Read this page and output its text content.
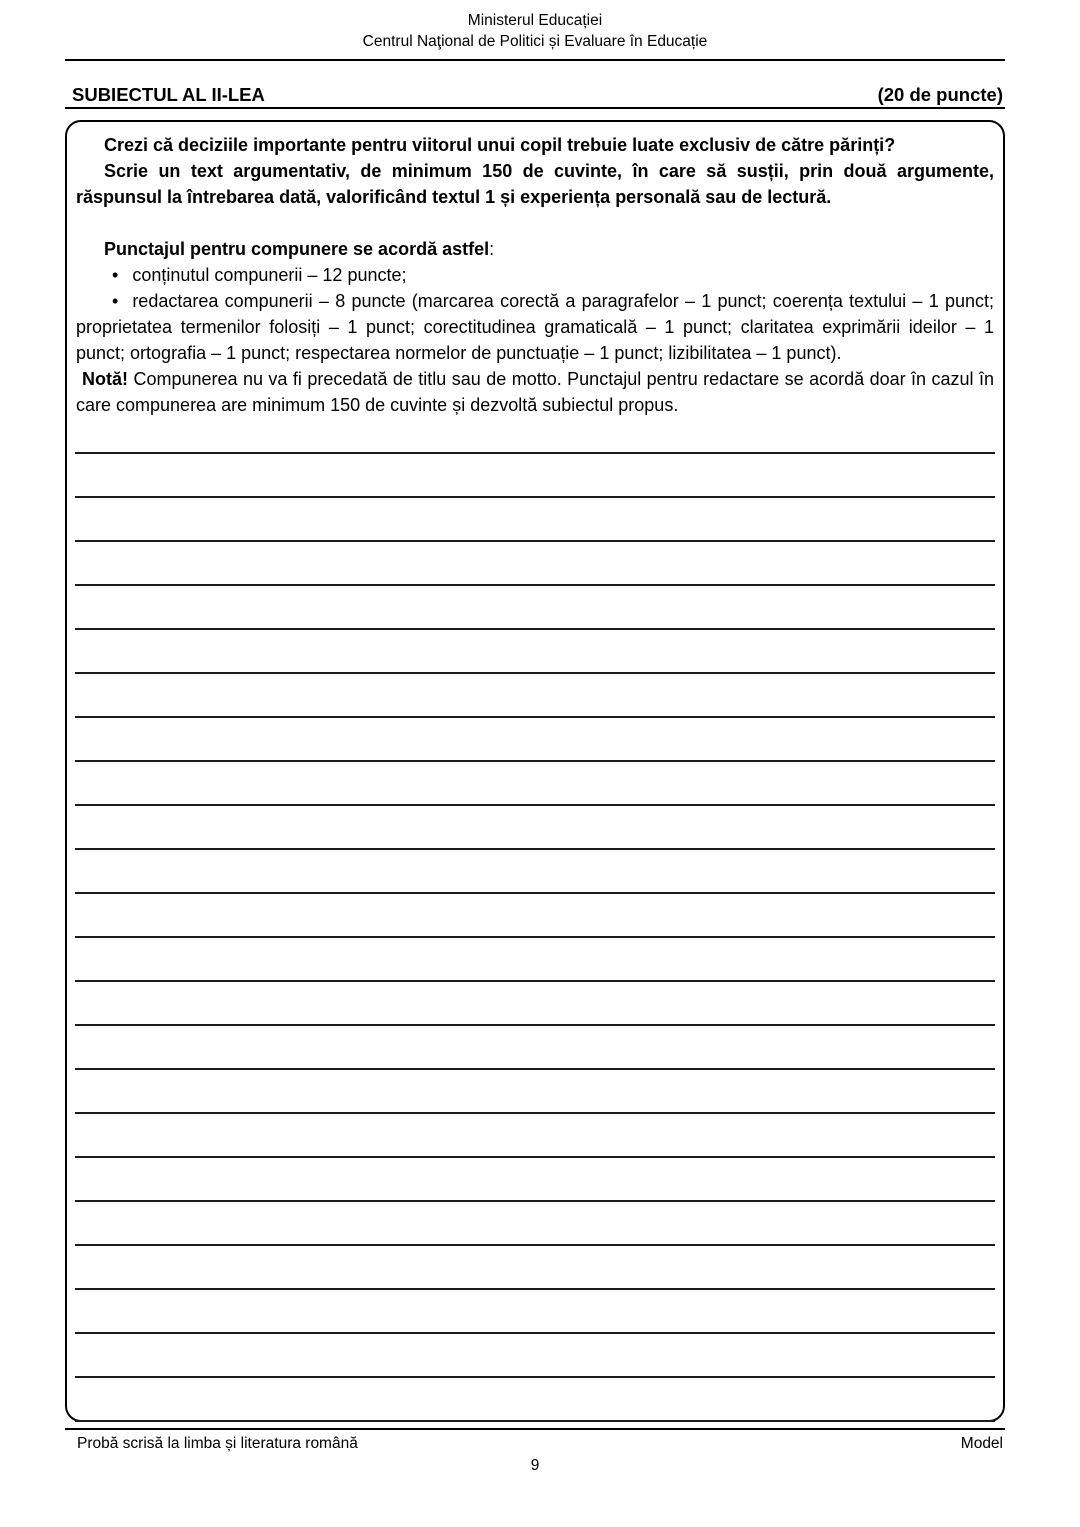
Ministerul Educației
Centrul Naţional de Politici și Evaluare în Educație
SUBIECTUL AL II-LEA	(20 de puncte)

Crezi că deciziile importante pentru viitorul unui copil trebuie luate exclusiv de către părinți?

Scrie un text argumentativ, de minimum 150 de cuvinte, în care să susții, prin două argumente, răspunsul la întrebarea dată, valorificând textul 1 și experiența personală sau de lectură.

Punctajul pentru compunere se acordă astfel:

• conținutul compunerii – 12 puncte;

• redactarea compunerii – 8 puncte (marcarea corectă a paragrafelor – 1 punct; coerența textului – 1 punct; proprietatea termenilor folosiți – 1 punct; corectitudinea gramaticală – 1 punct; claritatea exprimării ideilor – 1 punct; ortografia – 1 punct; respectarea normelor de punctuație – 1 punct; lizibilitatea – 1 punct).

Notă! Compunerea nu va fi precedată de titlu sau de motto. Punctajul pentru redactare se acordă doar în cazul în care compunerea are minimum 150 de cuvinte și dezvoltă subiectul propus.

Probă scrisă la limba și literatura română	Model
9
